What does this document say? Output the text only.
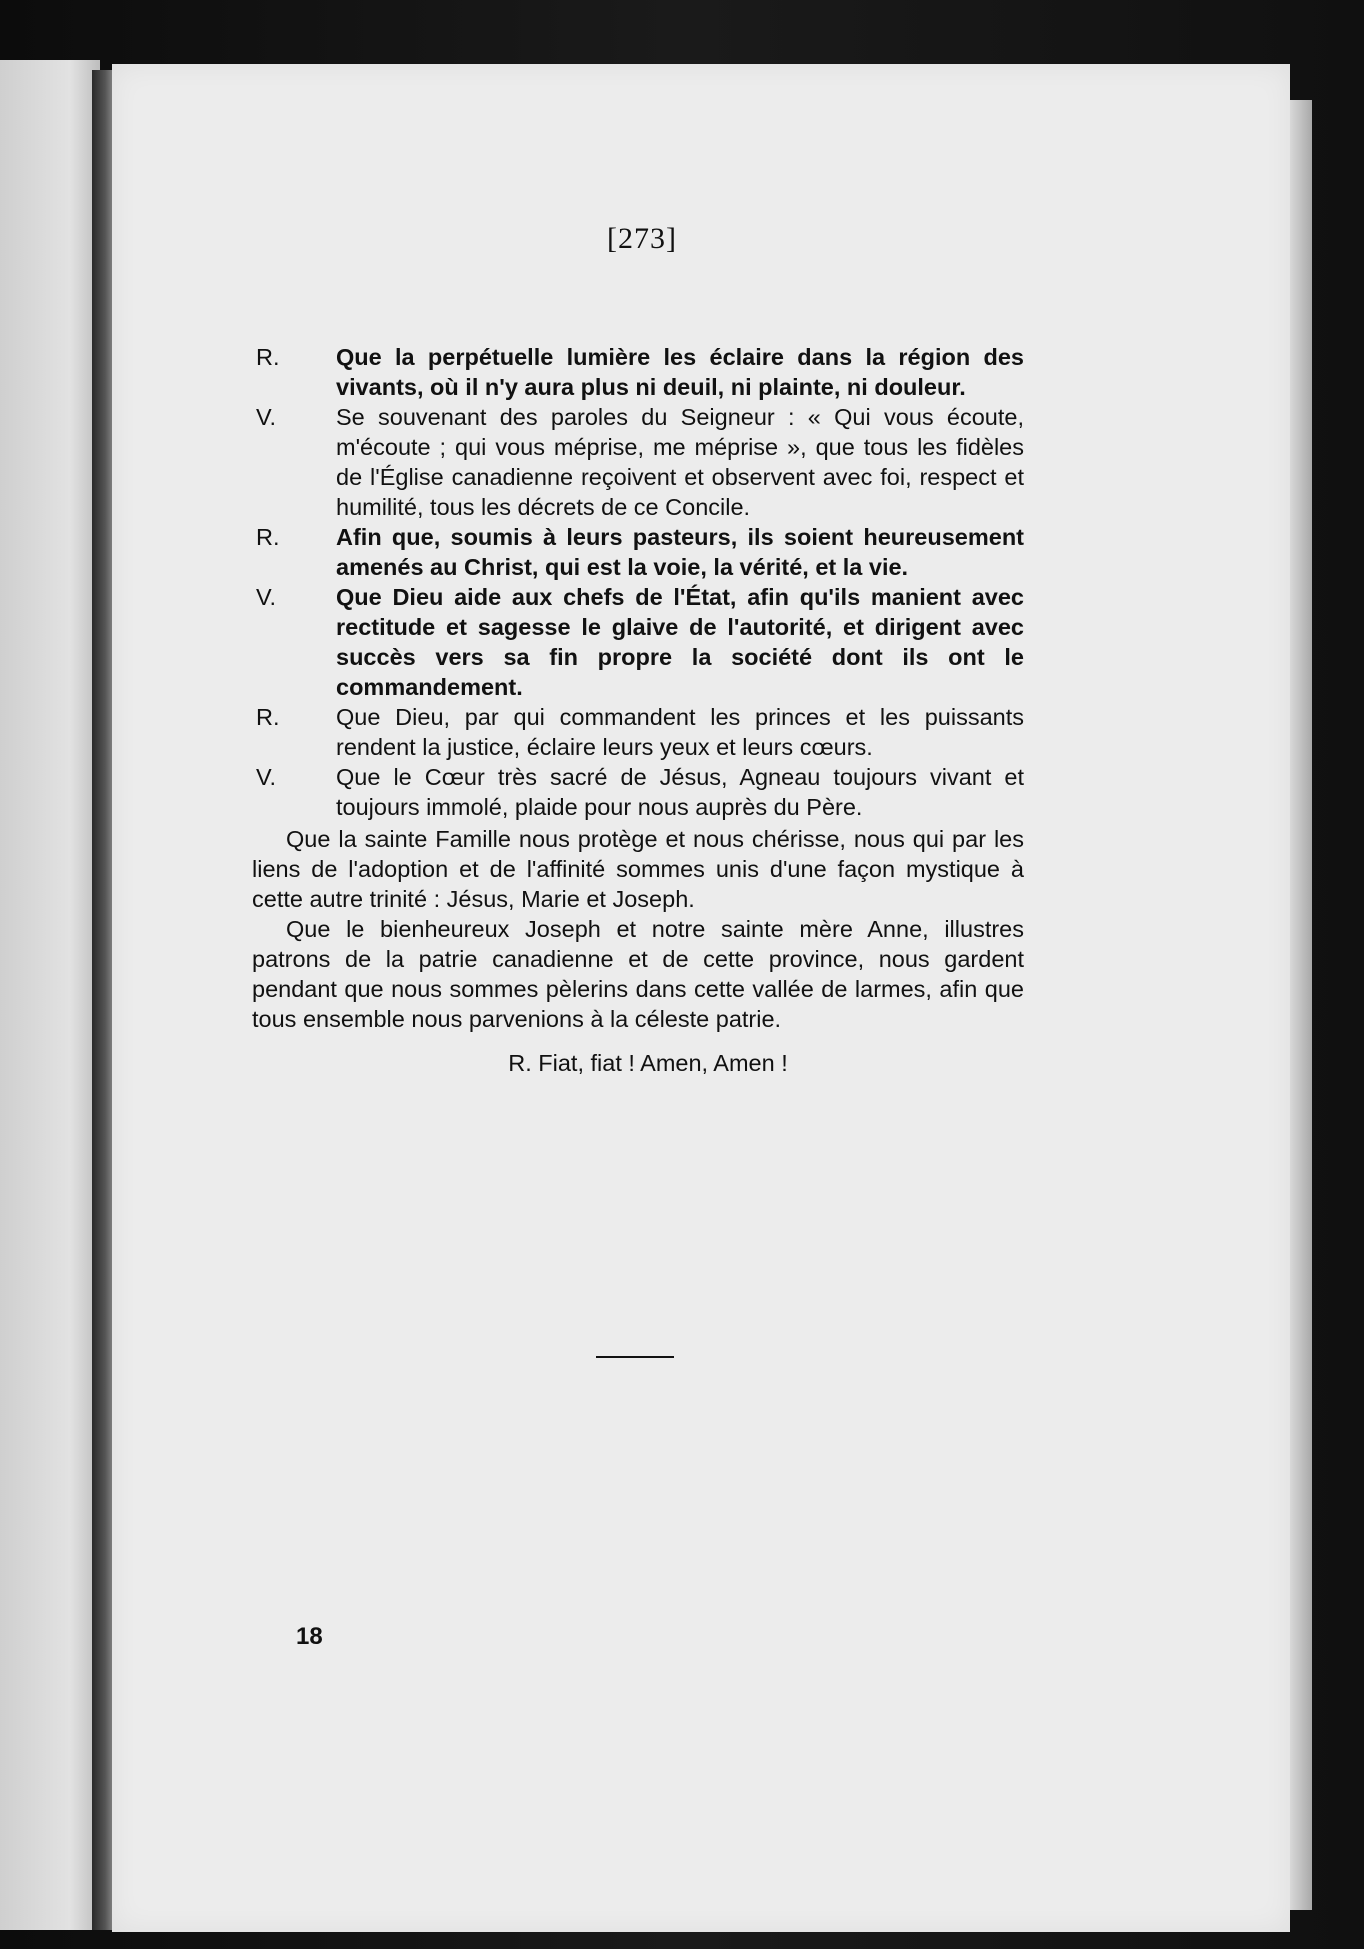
[273]

R. Que la perpétuelle lumière les éclaire dans la région des vivants, où il n'y aura plus ni deuil, ni plainte, ni douleur.

V.	Se souvenant des paroles du Seigneur : « Qui vous écoute, m'écoute ; qui vous méprise, me méprise », que tous les fidèles de l'Église canadienne reçoivent et observent avec foi, respect et humilité, tous les décrets de ce Concile.

R. Afin que, soumis à leurs pasteurs, ils soient heureusement amenés au Christ, qui est la voie, la vérité, et la vie.

V.	Que Dieu aide aux chefs de l'État, afin qu'ils manient avec rectitude et sagesse le glaive de l'autorité, et dirigent avec succès vers sa fin propre la société dont ils ont le commandement.

R. Que Dieu, par qui commandent les princes et les puissants rendent la justice, éclaire leurs yeux et leurs cœurs.

V.	Que le Cœur très sacré de Jésus, Agneau toujours vivant et toujours immolé, plaide pour nous auprès du Père.

Que la sainte Famille nous protège et nous chérisse, nous qui par les liens de l'adoption et de l'affinité sommes unis d'une façon mystique à cette autre trinité : Jésus, Marie et Joseph.

Que le bienheureux Joseph et notre sainte mère Anne, illustres patrons de la patrie canadienne et de cette province, nous gardent pendant que nous sommes pèlerins dans cette vallée de larmes, afin que tous ensemble nous parvenions à la céleste patrie.

R. Fiat, fiat ! Amen, Amen !
18
